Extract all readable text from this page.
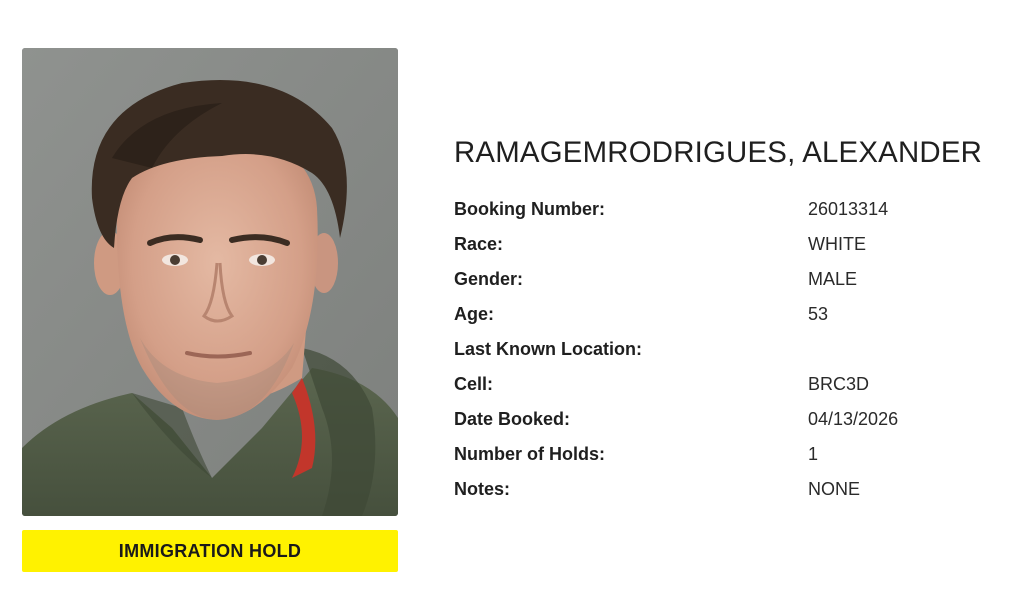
IMMIGRATION HOLD
RAMAGEMRODRIGUES, ALEXANDER
Booking Number:	26013314
Race:	WHITE
Gender:	MALE
Age:	53
Last Known Location:
Cell:	BRC3D
Date Booked:	04/13/2026
Number of Holds:	1
Notes:	NONE
